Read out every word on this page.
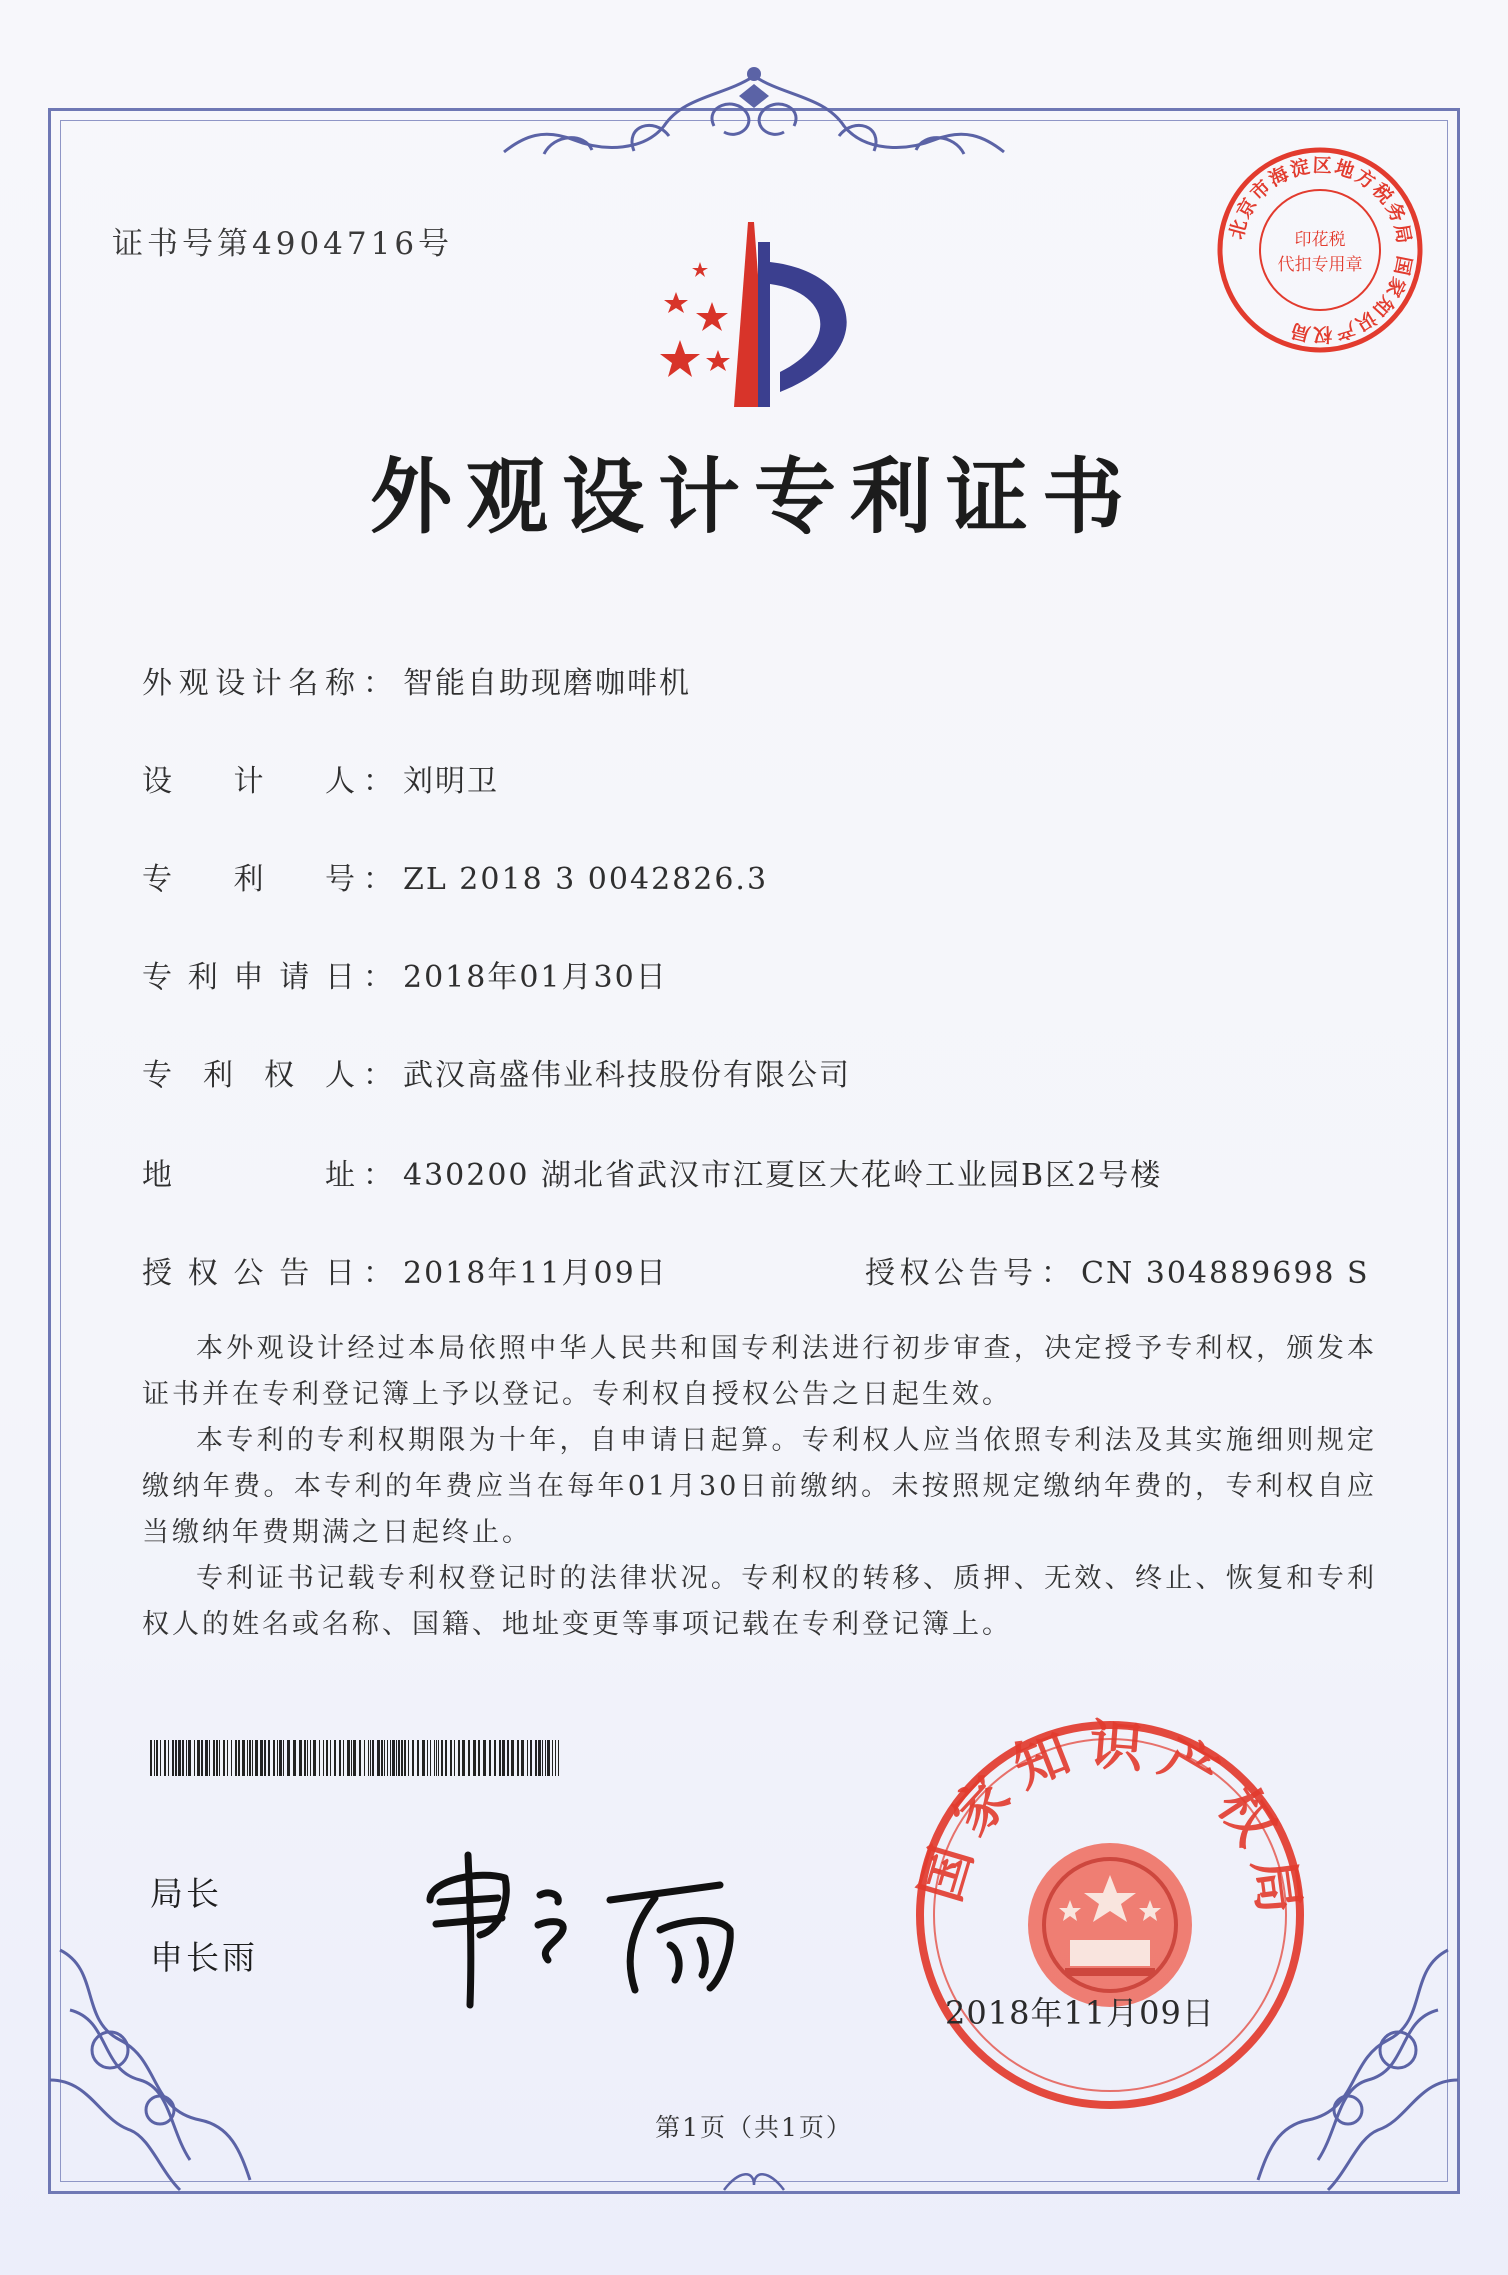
证书号第4904716号	北京市海淀区地方税务局 国家知识产权局
印花税
代扣专用章
外观设计专利证书
外观设计名称 ： 智能自助现磨咖啡机
设计人 ： 刘明卫
专利号 ： ZL 2018 3 0042826.3
专利申请日 ： 2018年01月30日
专利权人 ： 武汉高盛伟业科技股份有限公司
地址 ： 430200 湖北省武汉市江夏区大花岭工业园B区2号楼
授权公告日 ： 2018年11月09日	授权公告号 ： CN 304889698 S

本外观设计经过本局依照中华人民共和国专利法进行初步审查，决定授予专利权，颁发本证书并在专利登记簿上予以登记。专利权自授权公告之日起生效。

本专利的专利权期限为十年，自申请日起算。专利权人应当依照专利法及其实施细则规定缴纳年费。本专利的年费应当在每年01月30日前缴纳。未按照规定缴纳年费的，专利权自应当缴纳年费期满之日起终止。

专利证书记载专利权登记时的法律状况。专利权的转移、质押、无效、终止、恢复和专利权人的姓名或名称、国籍、地址变更等事项记载在专利登记簿上。

局长
申长雨
国家知识产权局
2018年11月09日
第1页（共1页）
